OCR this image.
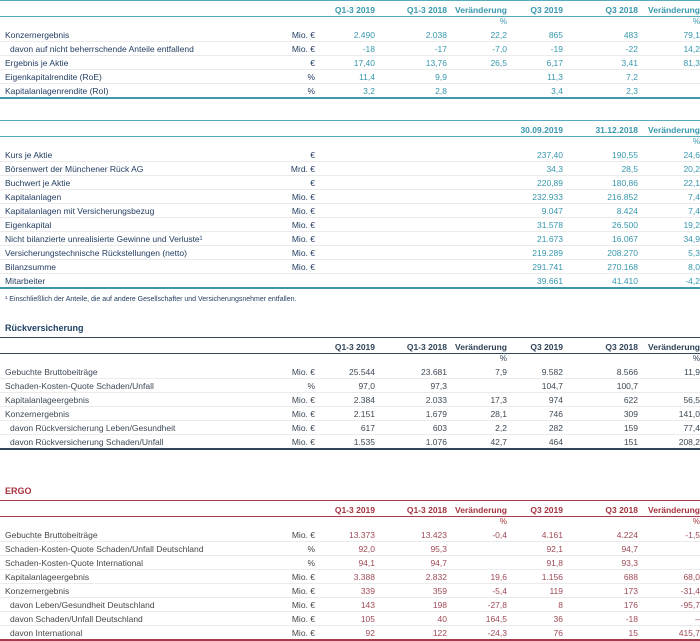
		Q1-3 2019	Q1-3 2018	Veränderung	Q3 2019	Q3 2018	Veränderung
				%			%
Konzernergebnis	Mio. €	2.490	2.038	22,2	865	483	79,1
davon auf nicht beherrschende Anteile entfallend	Mio. €	-18	-17	-7,0	-19	-22	14,2
Ergebnis je Aktie	€	17,40	13,76	26,5	6,17	3,41	81,3
Eigenkapitalrendite (RoE)	%	11,4	9,9		11,3	7,2	
Kapitalanlagenrendite (RoI)	%	3,2	2,8		3,4	2,3	
					30.09.2019	31.12.2018	Veränderung
							%
Kurs je Aktie	€				237,40	190,55	24,6
Börsenwert der Münchener Rück AG	Mrd. €				34,3	28,5	20,2
Buchwert je Aktie	€				220,89	180,86	22,1
Kapitalanlagen	Mio. €				232.933	216.852	7,4
Kapitalanlagen mit Versicherungsbezug	Mio. €				9.047	8.424	7,4
Eigenkapital	Mio. €				31.578	26.500	19,2
Nicht bilanzierte unrealisierte Gewinne und Verluste¹	Mio. €				21.673	16.067	34,9
Versicherungstechnische Rückstellungen (netto)	Mio. €				219.289	208.270	5,3
Bilanzsumme	Mio. €				291.741	270.168	8,0
Mitarbeiter					39.661	41.410	-4,2

¹ Einschließlich der Anteile, die auf andere Gesellschafter und Versicherungsnehmer entfallen.

Rückversicherung
		Q1-3 2019	Q1-3 2018	Veränderung	Q3 2019	Q3 2018	Veränderung
				%			%
Gebuchte Bruttobeiträge	Mio. €	25.544	23.681	7,9	9.582	8.566	11,9
Schaden-Kosten-Quote Schaden/Unfall	%	97,0	97,3		104,7	100,7	
Kapitalanlageergebnis	Mio. €	2.384	2.033	17,3	974	622	56,5
Konzernergebnis	Mio. €	2.151	1.679	28,1	746	309	141,0
davon Rückversicherung Leben/Gesundheit	Mio. €	617	603	2,2	282	159	77,4
davon Rückversicherung Schaden/Unfall	Mio. €	1.535	1.076	42,7	464	151	208,2
ERGO
		Q1-3 2019	Q1-3 2018	Veränderung	Q3 2019	Q3 2018	Veränderung
				%			%
Gebuchte Bruttobeiträge	Mio. €	13.373	13.423	-0,4	4.161	4.224	-1,5
Schaden-Kosten-Quote Schaden/Unfall Deutschland	%	92,0	95,3		92,1	94,7	
Schaden-Kosten-Quote International	%	94,1	94,7		91,8	93,3	
Kapitalanlageergebnis	Mio. €	3.388	2.832	19,6	1.156	688	68,0
Konzernergebnis	Mio. €	339	359	-5,4	119	173	-31,4
davon Leben/Gesundheit Deutschland	Mio. €	143	198	-27,8	8	176	-95,7
davon Schaden/Unfall Deutschland	Mio. €	105	40	164,5	36	-18	–
davon International	Mio. €	92	122	-24,3	76	15	415,7
